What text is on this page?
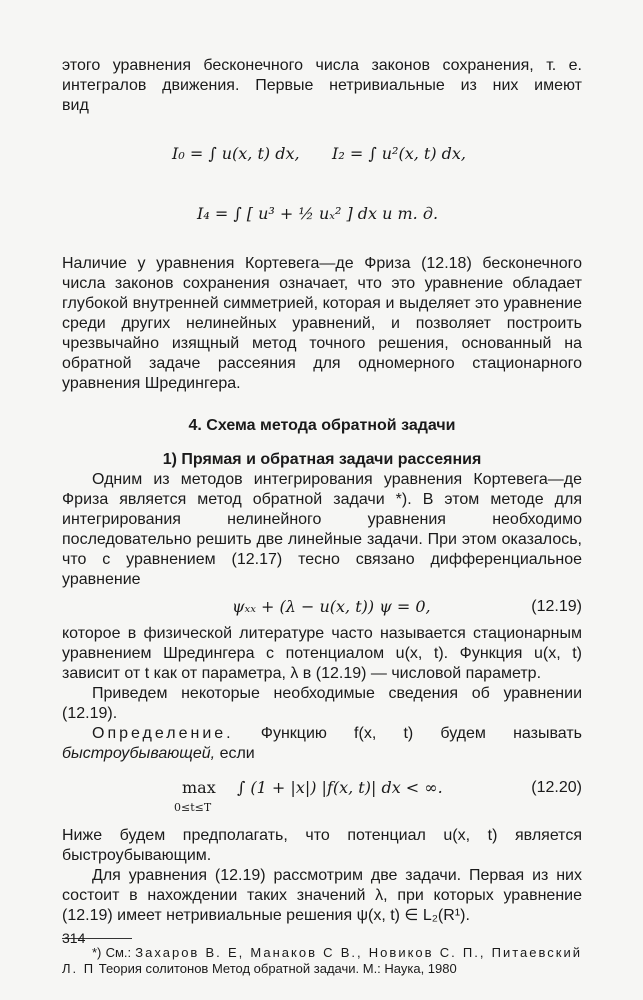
этого уравнения бесконечного числа законов сохранения, т. е.

интегралов движения. Первые нетривиальные из них имеют

вид

I₀ = ∫ u(x, t) dx, I₂ = ∫ u²(x, t) dx,
I₄ = ∫ [ u³ + ½ uₓ² ] dx и т. д.

Наличие у уравнения Кортевега—де Фриза (12.18) бесконечного числа законов сохранения означает, что это уравнение обладает глубокой внутренней симметрией, которая и выделяет это уравнение среди других нелинейных уравнений, и позволяет построить чрезвычайно изящный метод точного решения, основанный на обратной задаче рассеяния для одномерного стационарного уравнения Шредингера.

4. Схема метода обратной задачи
1) Прямая и обратная задачи рассеяния

Одним из методов интегрирования уравнения Кортевега—де Фриза является метод обратной задачи *). В этом методе для интегрирования нелинейного уравнения необходимо последовательно решить две линейные задачи. При этом оказалось, что с уравнением (12.17) тесно связано дифференциальное уравнение

ψₓₓ + (λ − u(x, t)) ψ = 0,	(12.19)

которое в физической литературе часто называется стационарным уравнением Шредингера с потенциалом u(x, t). Функция u(x, t) зависит от t как от параметра, λ в (12.19) — числовой параметр.

Приведем некоторые необходимые сведения об уравнении (12.19).

Определение. Функцию f(x, t) будем называть быстроубывающей, если

max
0≤t≤T
∫ (1 + |x|) |f(x, t)| dx < ∞.	(12.20)

Ниже будем предполагать, что потенциал u(x, t) является быстроубывающим.

Для уравнения (12.19) рассмотрим две задачи. Первая из них состоит в нахождении таких значений λ, при которых уравнение (12.19) имеет нетривиальные решения ψ(x, t) ∈ L₂(R¹).

*) См.: Захаров В. Е, Манаков С В., Новиков С. П., Питаевский Л. П Теория солитонов Метод обратной задачи. М.: Наука, 1980

314
